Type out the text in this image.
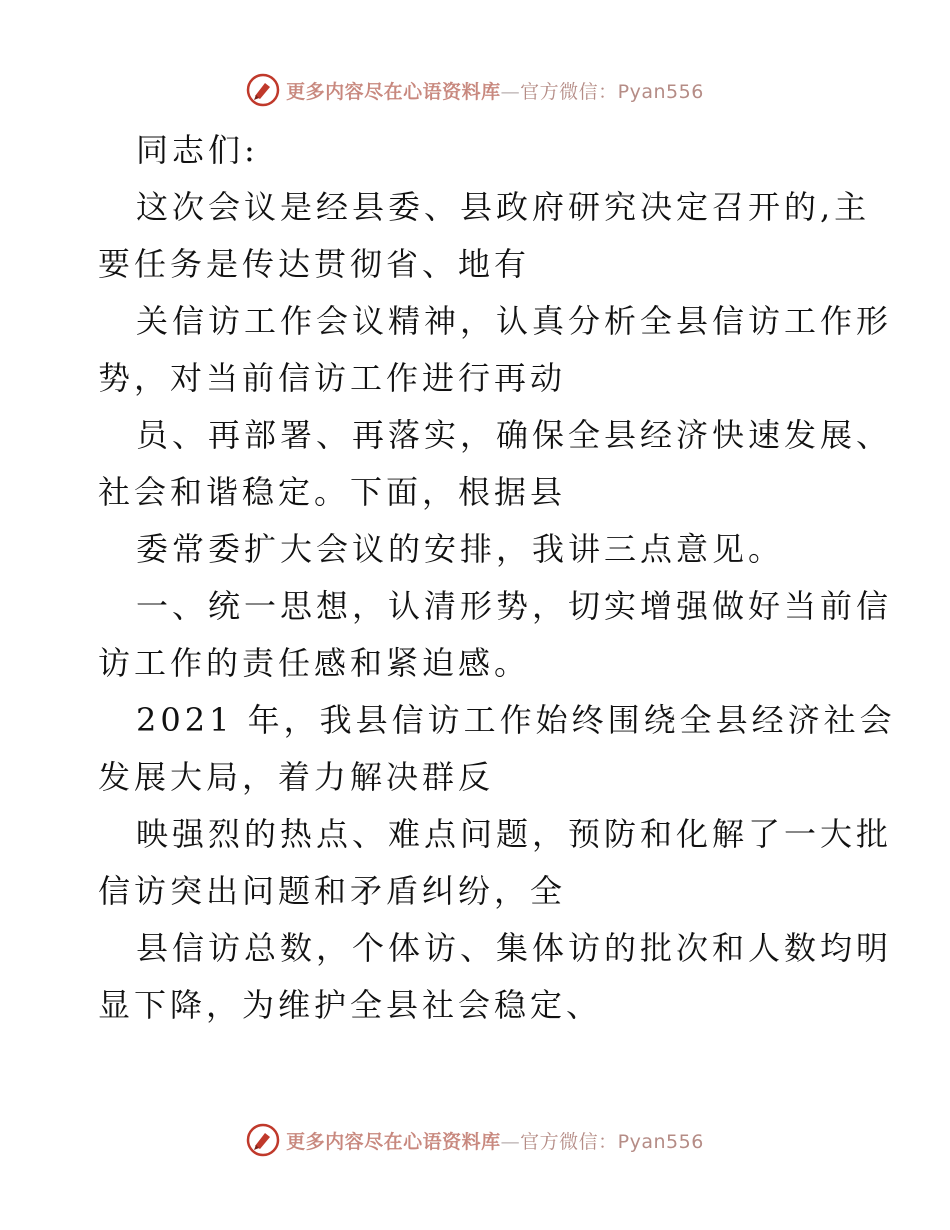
更多内容尽在心语资料库—官方微信：Pyan556
同志们:
这次会议是经县委、县政府研究决定召开的,主
要任务是传达贯彻省、地有
关信访工作会议精神，认真分析全县信访工作形
势，对当前信访工作进行再动
员、再部署、再落实，确保全县经济快速发展、
社会和谐稳定。下面，根据县
委常委扩大会议的安排，我讲三点意见。
一、统一思想，认清形势，切实增强做好当前信
访工作的责任感和紧迫感。
2021 年，我县信访工作始终围绕全县经济社会
发展大局，着力解决群反
映强烈的热点、难点问题，预防和化解了一大批
信访突出问题和矛盾纠纷，全
县信访总数，个体访、集体访的批次和人数均明
显下降，为维护全县社会稳定、
更多内容尽在心语资料库—官方微信：Pyan556
